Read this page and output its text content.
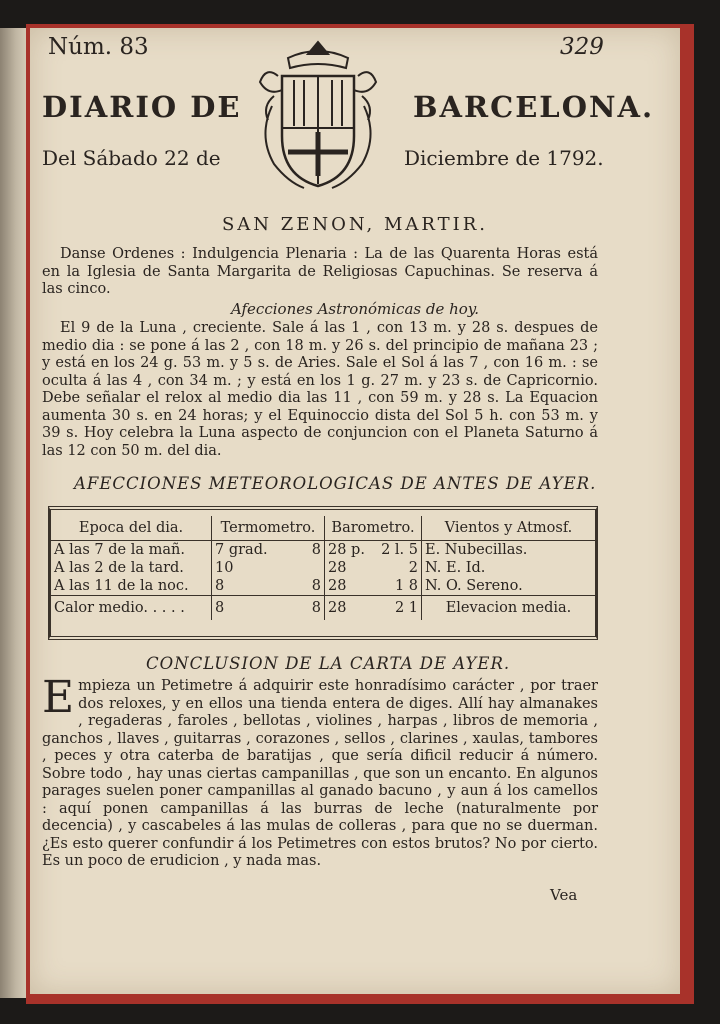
Núm. 83	329
DIARIO DE	BARCELONA.
Del Sábado 22 de	Diciembre de 1792.
SAN ZENON, MARTIR.
Danse Ordenes : Indulgencia Plenaria : La de las Quarenta Horas está en la Iglesia de Santa Margarita de Religiosas Capuchinas. Se reserva á las cinco.
Afecciones Astronómicas de hoy.
El 9 de la Luna , creciente. Sale á las 1 , con 13 m. y 28 s. despues de medio dia : se pone á las 2 , con 18 m. y 26 s. del principio de mañana 23 ; y está en los 24 g. 53 m. y 5 s. de Aries. Sale el Sol á las 7 , con 16 m. : se oculta á las 4 , con 34 m. ; y está en los 1 g. 27 m. y 23 s. de Capricornio. Debe señalar el relox al medio dia las 11 , con 59 m. y 28 s. La Equacion aumenta 30 s. en 24 horas; y el Equinoccio dista del Sol 5 h. con 53 m. y 39 s. Hoy celebra la Luna aspecto de conjuncion con el Planeta Saturno á las 12 con 50 m. del dia.
AFECCIONES METEOROLOGICAS DE ANTES DE AYER.
Epoca del dia.	Termometro.	Barometro.	Vientos y Atmosf.
A las 7 de la mañ.	7 grad. 8	28 p. 2 l. 5	E. Nubecillas.
A las 2 de la tard.	10	28 2	N. E. Id.
A las 11 de la noc.	8 8	28 1 8	N. O. Sereno.
Calor medio. . . . .	8 8	28 2 1	Elevacion media.
CONCLUSION DE LA CARTA DE AYER.
Empieza un Petimetre á adquirir este honradísimo carácter , por traer dos reloxes, y en ellos una tienda entera de diges. Allí hay almanakes , regaderas , faroles , bellotas , violines , harpas , libros de memoria , ganchos , llaves , guitarras , corazones , sellos , clarines , xaulas, tambores , peces y otra caterba de baratijas , que sería dificil reducir á número. Sobre todo , hay unas ciertas campanillas , que son un encanto. En algunos parages suelen poner campanillas al ganado bacuno , y aun á los camellos : aquí ponen campanillas á las burras de leche (naturalmente por decencia) , y cascabeles á las mulas de colleras , para que no se duerman. ¿Es esto querer confundir á los Petimetres con estos brutos? No por cierto. Es un poco de erudicion , y nada mas.
Vea
